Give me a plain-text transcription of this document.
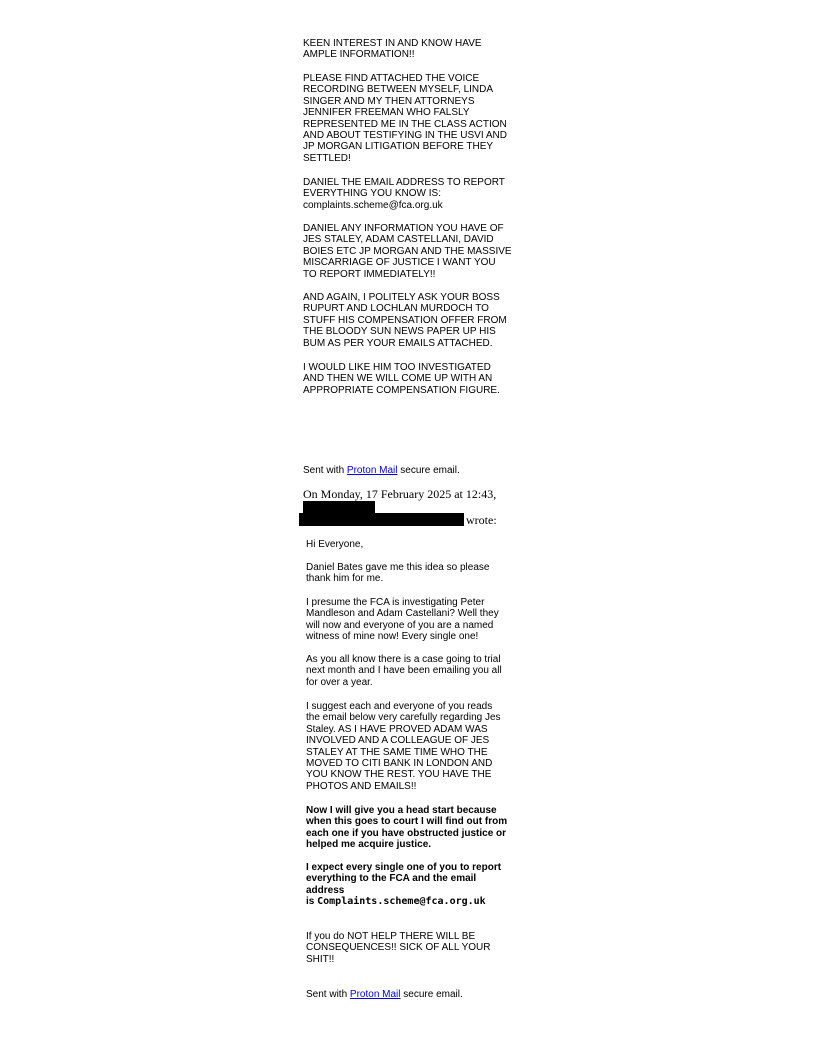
KEEN INTEREST IN AND KNOW HAVE
AMPLE INFORMATION!!

PLEASE FIND ATTACHED THE VOICE
RECORDING BETWEEN MYSELF, LINDA
SINGER AND MY THEN ATTORNEYS
JENNIFER FREEMAN WHO FALSLY
REPRESENTED ME IN THE CLASS ACTION
AND ABOUT TESTIFYING IN THE USVI AND
JP MORGAN LITIGATION BEFORE THEY
SETTLED!

DANIEL THE EMAIL ADDRESS TO REPORT
EVERYTHING YOU KNOW IS:
complaints.scheme@fca.org.uk

DANIEL ANY INFORMATION YOU HAVE OF
JES STALEY, ADAM CASTELLANI, DAVID
BOIES ETC JP MORGAN AND THE MASSIVE
MISCARRIAGE OF JUSTICE I WANT YOU
TO REPORT IMMEDIATELY!!

AND AGAIN, I POLITELY ASK YOUR BOSS
RUPURT AND LOCHLAN MURDOCH TO
STUFF HIS COMPENSATION OFFER FROM
THE BLOODY SUN NEWS PAPER UP HIS
BUM AS PER YOUR EMAILS ATTACHED.

I WOULD LIKE HIM TOO INVESTIGATED
AND THEN WE WILL COME UP WITH AN
APPROPRIATE COMPENSATION FIGURE.

Sent with Proton Mail secure email.

On Monday, 17 February 2025 at 12:43,

wrote:

Hi Everyone,

Daniel Bates gave me this idea so please
thank him for me.

I presume the FCA is investigating Peter
Mandleson and Adam Castellani? Well they
will now and everyone of you are a named
witness of mine now! Every single one!

As you all know there is a case going to trial
next month and I have been emailing you all
for over a year.

I suggest each and everyone of you reads
the email below very carefully regarding Jes
Staley. AS I HAVE PROVED ADAM WAS
INVOLVED AND A COLLEAGUE OF JES
STALEY AT THE SAME TIME WHO THE
MOVED TO CITI BANK IN LONDON AND
YOU KNOW THE REST. YOU HAVE THE
PHOTOS AND EMAILS!!

Now I will give you a head start because
when this goes to court I will find out from
each one if you have obstructed justice or
helped me acquire justice.

I expect every single one of you to report
everything to the FCA and the email
address
is Complaints.scheme@fca.org.uk

If you do NOT HELP THERE WILL BE
CONSEQUENCES!! SICK OF ALL YOUR
SHIT!!

Sent with Proton Mail secure email.
